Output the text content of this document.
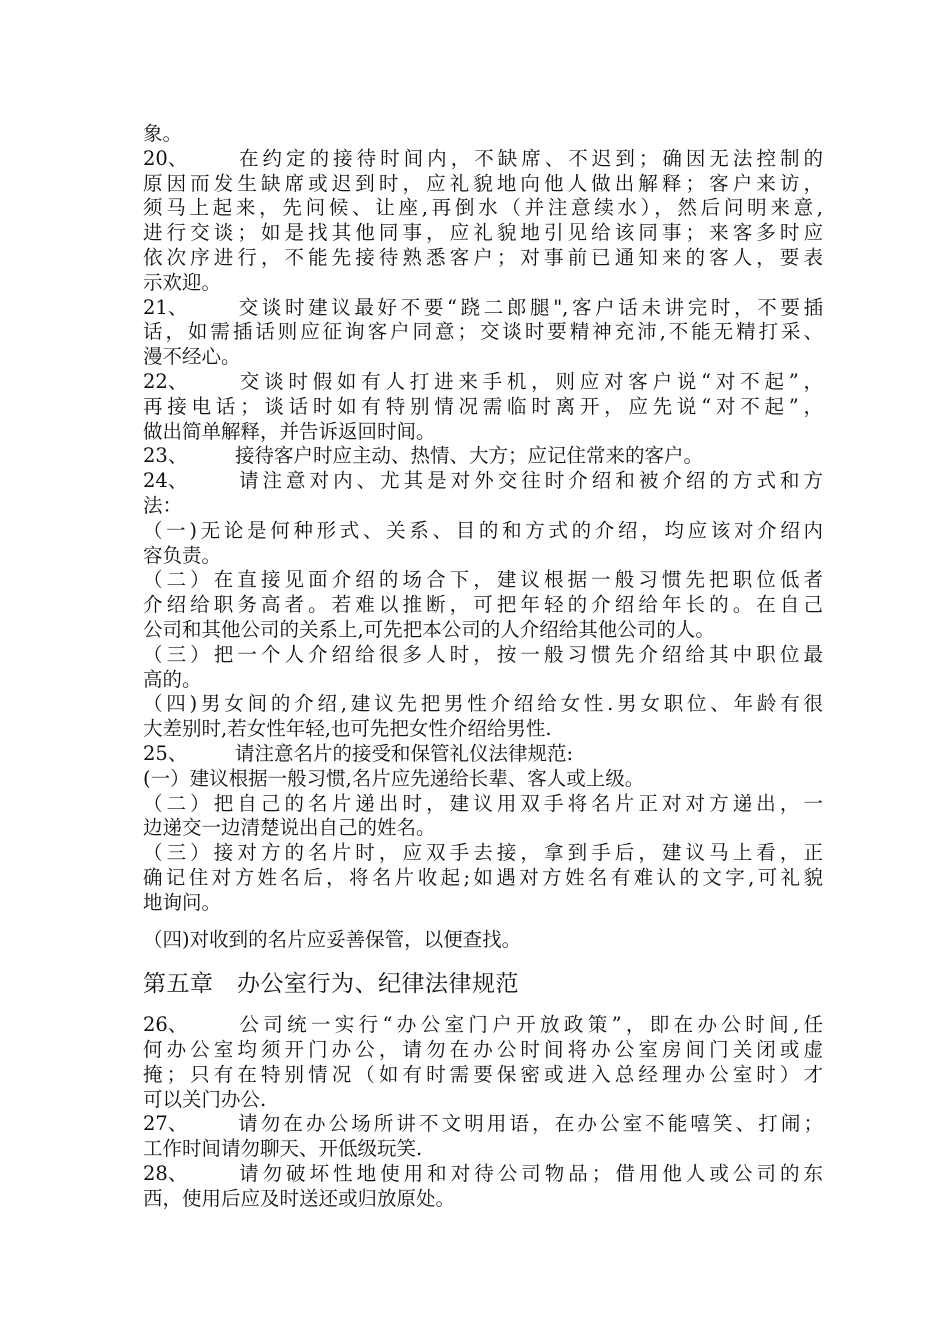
象。

20、 在约定的接待时间内，不缺席、不迟到；确因无法控制的

原因而发生缺席或迟到时，应礼貌地向他人做出解释；客户来访，

须马上起来，先问候、让座,再倒水（并注意续水），然后问明来意,

进行交谈；如是找其他同事，应礼貌地引见给该同事；来客多时应

依次序进行，不能先接待熟悉客户；对事前已通知来的客人，要表

示欢迎。

21、 交谈时建议最好不要“跷二郎腿",客户话未讲完时，不要插

话，如需插话则应征询客户同意；交谈时要精神充沛,不能无精打采、

漫不经心。

22、 交谈时假如有人打进来手机，则应对客户说“对不起”，

再接电话；谈话时如有特别情况需临时离开，应先说“对不起”，

做出简单解释，并告诉返回时间。

23、 接待客户时应主动、热情、大方；应记住常来的客户。

24、 请注意对内、尤其是对外交往时介绍和被介绍的方式和方

法：

（一)无论是何种形式、关系、目的和方式的介绍，均应该对介绍内

容负责。

（二）在直接见面介绍的场合下，建议根据一般习惯先把职位低者

介绍给职务高者。若难以推断，可把年轻的介绍给年长的。在自己

公司和其他公司的关系上,可先把本公司的人介绍给其他公司的人。

（三）把一个人介绍给很多人时，按一般习惯先介绍给其中职位最

高的。

（四)男女间的介绍,建议先把男性介绍给女性.男女职位、年龄有很

大差别时,若女性年轻,也可先把女性介绍给男性.

25、 请注意名片的接受和保管礼仪法律规范:

(一）建议根据一般习惯,名片应先递给长辈、客人或上级。

（二）把自己的名片递出时，建议用双手将名片正对对方递出，一

边递交一边清楚说出自己的姓名。

（三）接对方的名片时，应双手去接，拿到手后，建议马上看，正

确记住对方姓名后，将名片收起;如遇对方姓名有难认的文字,可礼貌

地询问。

（四)对收到的名片应妥善保管，以便查找。

第五章　办公室行为、纪律法律规范

26、 公司统一实行“办公室门户开放政策”，即在办公时间,任

何办公室均须开门办公，请勿在办公时间将办公室房间门关闭或虚

掩；只有在特别情况（如有时需要保密或进入总经理办公室时）才

可以关门办公.

27、 请勿在办公场所讲不文明用语，在办公室不能嘻笑、打闹；

工作时间请勿聊天、开低级玩笑.

28、 请勿破坏性地使用和对待公司物品；借用他人或公司的东

西，使用后应及时送还或归放原处。
